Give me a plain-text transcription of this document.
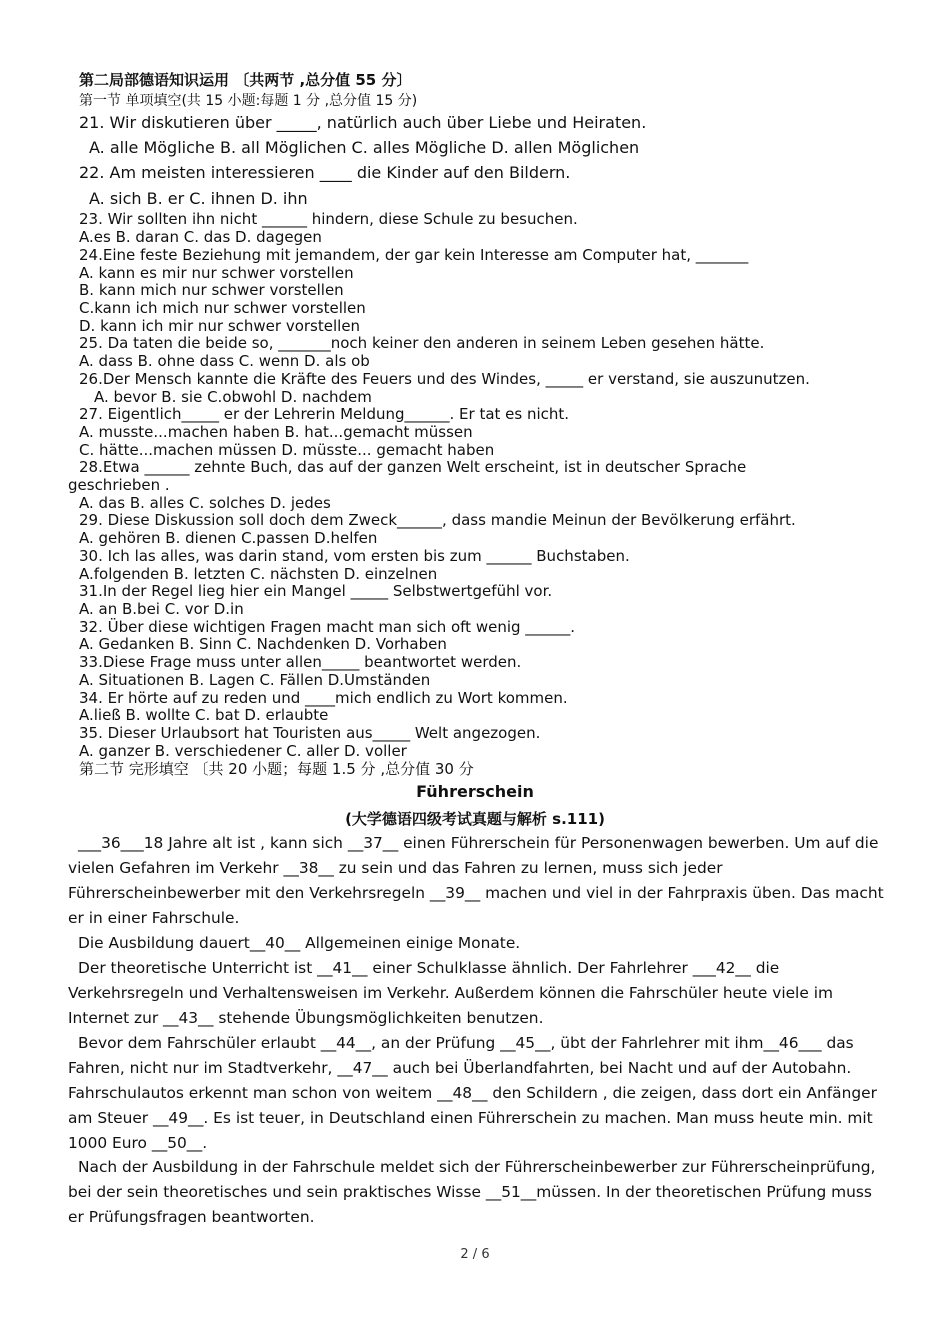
第二局部德语知识运用 〔共两节 ,总分值 55 分〕
第一节 单项填空(共 15 小题:每题 1 分 ,总分值 15 分)
21. Wir diskutieren über _____, natürlich auch über Liebe und Heiraten.
A. alle Mögliche B. all Möglichen C. alles Mögliche D. allen Möglichen
22. Am meisten interessieren ____ die Kinder auf den Bildern.
A. sich B. er C. ihnen D. ihn
23. Wir sollten ihn nicht ______ hindern, diese Schule zu besuchen.
A.es B. daran C. das D. dagegen
24.Eine feste Beziehung mit jemandem, der gar kein Interesse am Computer hat, _______
A. kann es mir nur schwer vorstellen
B. kann mich nur schwer vorstellen
C.kann ich mich nur schwer vorstellen
D. kann ich mir nur schwer vorstellen
25. Da taten die beide so, _______noch keiner den anderen in seinem Leben gesehen hätte.
A. dass B. ohne dass C. wenn D. als ob
26.Der Mensch kannte die Kräfte des Feuers und des Windes, _____ er verstand, sie auszunutzen.
A. bevor B. sie C.obwohl D. nachdem
27. Eigentlich_____ er der Lehrerin Meldung______. Er tat es nicht.
A. musste...machen haben B. hat...gemacht müssen
C. hätte...machen müssen D. müsste... gemacht haben
28.Etwa ______ zehnte Buch, das auf der ganzen Welt erscheint, ist in deutscher Sprache
geschrieben .
A. das B. alles C. solches D. jedes
29. Diese Diskussion soll doch dem Zweck______, dass mandie Meinun der Bevölkerung erfährt.
A. gehören B. dienen C.passen D.helfen
30. Ich las alles, was darin stand, vom ersten bis zum ______ Buchstaben.
A.folgenden B. letzten C. nächsten D. einzelnen
31.In der Regel lieg hier ein Mangel _____ Selbstwertgefühl vor.
A. an B.bei C. vor D.in
32. Über diese wichtigen Fragen macht man sich oft wenig ______.
A. Gedanken B. Sinn C. Nachdenken D. Vorhaben
33.Diese Frage muss unter allen_____ beantwortet werden.
A. Situationen B. Lagen C. Fällen D.Umständen
34. Er hörte auf zu reden und ____mich endlich zu Wort kommen.
A.ließ B. wollte C. bat D. erlaubte
35. Dieser Urlaubsort hat Touristen aus_____ Welt angezogen.
A. ganzer B. verschiedener C. aller D. voller
第二节 完形填空 〔共 20 小题；每题 1.5 分 ,总分值 30 分
Führerschein
(大学德语四级考试真题与解析 s.111)
___36___18 Jahre alt ist , kann sich __37__ einen Führerschein für Personenwagen bewerben. Um auf die vielen Gefahren im Verkehr __38__ zu sein und das Fahren zu lernen, muss sich jeder Führerscheinbewerber mit den Verkehrsregeln __39__ machen und viel in der Fahrpraxis üben. Das macht er in einer Fahrschule.
Die Ausbildung dauert__40__ Allgemeinen einige Monate.
Der theoretische Unterricht ist __41__ einer Schulklasse ähnlich. Der Fahrlehrer ___42__ die Verkehrsregeln und Verhaltensweisen im Verkehr. Außerdem können die Fahrschüler heute viele im Internet zur __43__ stehende Übungsmöglichkeiten benutzen.
Bevor dem Fahrschüler erlaubt __44__, an der Prüfung __45__, übt der Fahrlehrer mit ihm__46___ das Fahren, nicht nur im Stadtverkehr, __47__ auch bei Überlandfahrten, bei Nacht und auf der Autobahn. Fahrschulautos erkennt man schon von weitem __48__ den Schildern , die zeigen, dass dort ein Anfänger am Steuer __49__. Es ist teuer, in Deutschland einen Führerschein zu machen. Man muss heute min. mit 1000 Euro __50__.
Nach der Ausbildung in der Fahrschule meldet sich der Führerscheinbewerber zur Führerscheinprüfung, bei der sein theoretisches und sein praktisches Wisse __51__müssen. In der theoretischen Prüfung muss er Prüfungsfragen beantworten.
2 / 6
